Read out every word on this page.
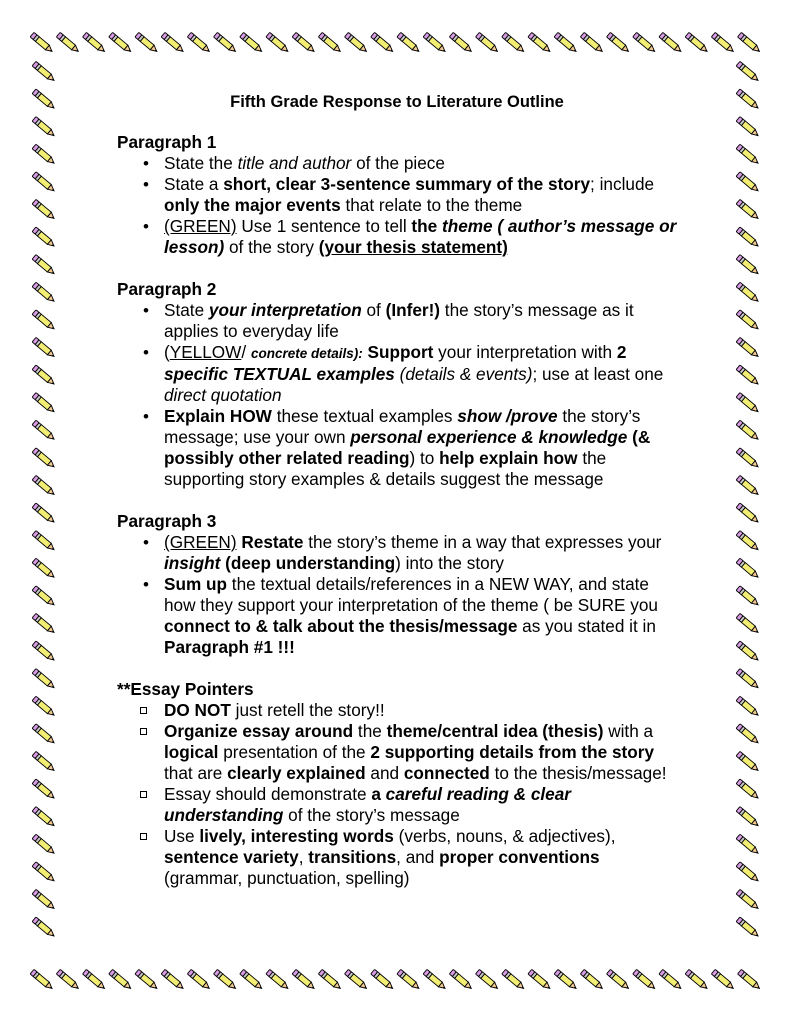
Fifth Grade Response to Literature Outline
Paragraph 1
• State the title and author of the piece
• State a short, clear 3-sentence summary of the story; include only the major events that relate to the theme
• (GREEN) Use 1 sentence to tell the theme ( author’s message or lesson) of the story (your thesis statement)
Paragraph 2
• State your interpretation of (Infer!) the story’s message as it applies to everyday life
• (YELLOW/ concrete details): Support your interpretation with 2 specific TEXTUAL examples (details & events); use at least one direct quotation
• Explain HOW these textual examples show /prove the story’s message; use your own personal experience & knowledge (& possibly other related reading) to help explain how the supporting story examples & details suggest the message
Paragraph 3
• (GREEN) Restate the story’s theme in a way that expresses your insight (deep understanding) into the story
• Sum up the textual details/references in a NEW WAY, and state how they support your interpretation of the theme ( be SURE you connect to & talk about the thesis/message as you stated it in Paragraph #1 !!!
**Essay Pointers
DO NOT just retell the story!!
Organize essay around the theme/central idea (thesis) with a logical presentation of the 2 supporting details from the story that are clearly explained and connected to the thesis/message!
Essay should demonstrate a careful reading & clear understanding of the story’s message
Use lively, interesting words (verbs, nouns, & adjectives), sentence variety, transitions, and proper conventions (grammar, punctuation, spelling)
